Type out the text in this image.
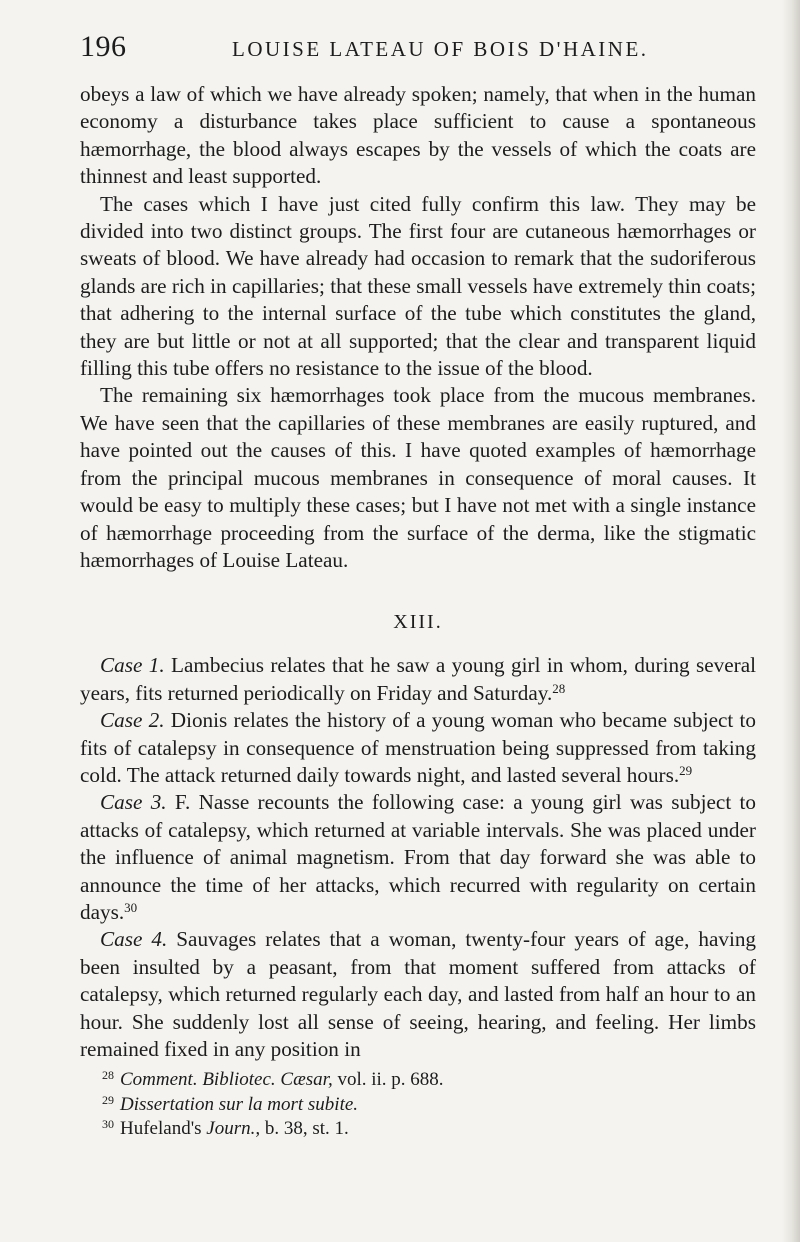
196	LOUISE LATEAU OF BOIS D'HAINE.

obeys a law of which we have already spoken; namely, that when in the human economy a disturbance takes place sufficient to cause a spontaneous hæmorrhage, the blood always escapes by the vessels of which the coats are thinnest and least supported.

The cases which I have just cited fully confirm this law. They may be divided into two distinct groups. The first four are cutaneous hæmorrhages or sweats of blood. We have already had occasion to remark that the sudoriferous glands are rich in capillaries; that these small vessels have extremely thin coats; that adhering to the internal surface of the tube which constitutes the gland, they are but little or not at all supported; that the clear and transparent liquid filling this tube offers no resistance to the issue of the blood.

The remaining six hæmorrhages took place from the mucous membranes. We have seen that the capillaries of these membranes are easily ruptured, and have pointed out the causes of this. I have quoted examples of hæmorrhage from the principal mucous membranes in consequence of moral causes. It would be easy to multiply these cases; but I have not met with a single instance of hæmorrhage proceeding from the surface of the derma, like the stigmatic hæmorrhages of Louise Lateau.

XIII.

Case 1. Lambecius relates that he saw a young girl in whom, during several years, fits returned periodically on Friday and Saturday.$^{28}$

Case 2. Dionis relates the history of a young woman who became subject to fits of catalepsy in consequence of menstruation being suppressed from taking cold. The attack returned daily towards night, and lasted several hours.$^{29}$

Case 3. F. Nasse recounts the following case: a young girl was subject to attacks of catalepsy, which returned at variable intervals. She was placed under the influence of animal magnetism. From that day forward she was able to announce the time of her attacks, which recurred with regularity on certain days.$^{30}$

Case 4. Sauvages relates that a woman, twenty-four years of age, having been insulted by a peasant, from that moment suffered from attacks of catalepsy, which returned regularly each day, and lasted from half an hour to an hour. She suddenly lost all sense of seeing, hearing, and feeling. Her limbs remained fixed in any position in

$^{28}$ Comment. Bibliotec. Cæsar, vol. ii. p. 688.
$^{29}$ Dissertation sur la mort subite.
$^{30}$ Hufeland's Journ., b. 38, st. 1.
